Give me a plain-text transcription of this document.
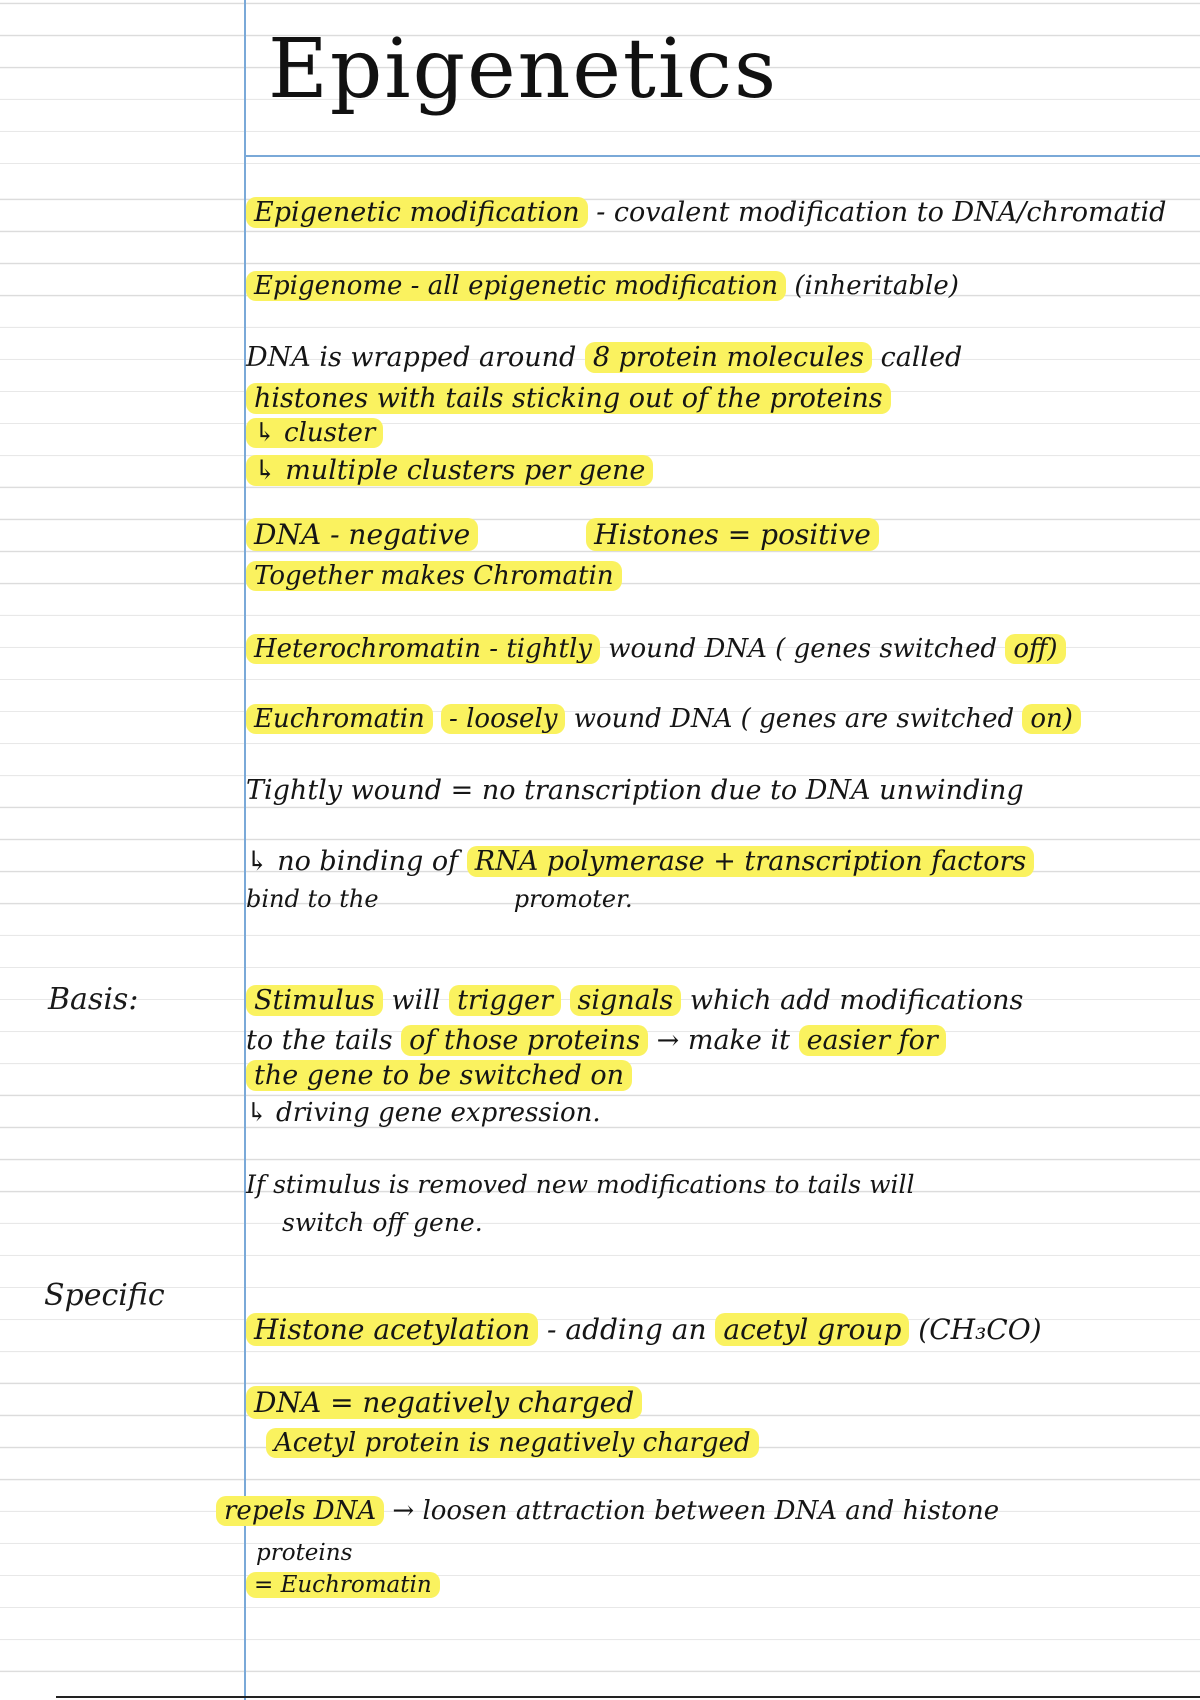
Epigenetics
Basis:
Specific
Epigenetic modification - covalent modification to DNA/chromatid
Epigenome - all epigenetic modification (inheritable)
DNA is wrapped around 8 protein molecules called
histones with tails sticking out of the proteins
↳ cluster
↳ multiple clusters per gene
DNA - negative	Histones = positive
Together makes Chromatin
Heterochromatin - tightly wound DNA ( genes switched off)
Euchromatin - loosely wound DNA ( genes are switched on)
Tightly wound = no transcription due to DNA unwinding
↳ no binding of RNA polymerase + transcription factors
bind to the	promoter.
Stimulus will trigger signals which add modifications
to the tails of those proteins → make it easier for
the gene to be switched on
↳ driving gene expression.
If stimulus is removed new modifications to tails will
switch off gene.
Histone acetylation - adding an acetyl group (CH₃CO)
DNA = negatively charged
Acetyl protein is negatively charged
repels DNA → loosen attraction between DNA and histone
proteins
= Euchromatin
